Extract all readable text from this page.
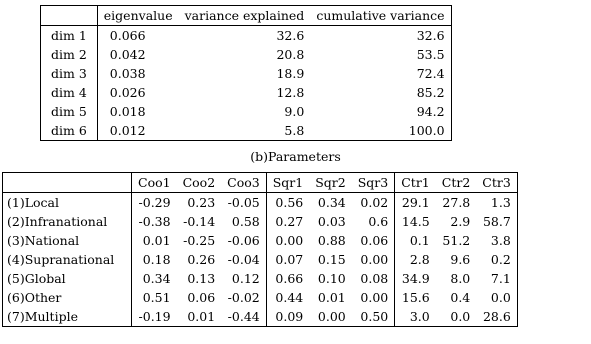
	eigenvalue	variance explained	cumulative variance
dim 1	0.066	32.6	32.6
dim 2	0.042	20.8	53.5
dim 3	0.038	18.9	72.4
dim 4	0.026	12.8	85.2
dim 5	0.018	9.0	94.2
dim 6	0.012	5.8	100.0
(b)Parameters
	Coo1	Coo2	Coo3	Sqr1	Sqr2	Sqr3	Ctr1	Ctr2	Ctr3
(1)Local	-0.29	0.23	-0.05	0.56	0.34	0.02	29.1	27.8	1.3
(2)Infranational	-0.38	-0.14	0.58	0.27	0.03	0.6	14.5	2.9	58.7
(3)National	0.01	-0.25	-0.06	0.00	0.88	0.06	0.1	51.2	3.8
(4)Supranational	0.18	0.26	-0.04	0.07	0.15	0.00	2.8	9.6	0.2
(5)Global	0.34	0.13	0.12	0.66	0.10	0.08	34.9	8.0	7.1
(6)Other	0.51	0.06	-0.02	0.44	0.01	0.00	15.6	0.4	0.0
(7)Multiple	-0.19	0.01	-0.44	0.09	0.00	0.50	3.0	0.0	28.6
